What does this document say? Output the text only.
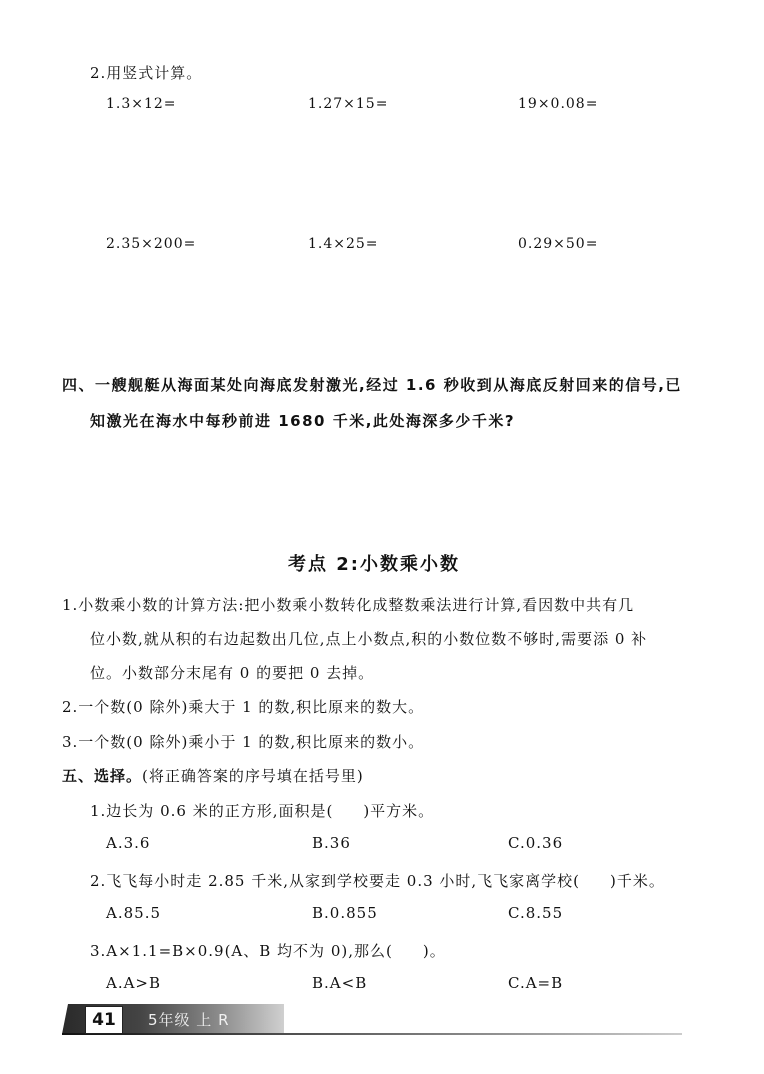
2.用竖式计算。
1.3×12=	1.27×15=	19×0.08=
2.35×200=	1.4×25=	0.29×50=
四、一艘舰艇从海面某处向海底发射激光,经过 1.6 秒收到从海底反射回来的信号,已
知激光在海水中每秒前进 1680 千米,此处海深多少千米?
考点 2:小数乘小数
1.小数乘小数的计算方法:把小数乘小数转化成整数乘法进行计算,看因数中共有几
位小数,就从积的右边起数出几位,点上小数点,积的小数位数不够时,需要添 0 补
位。小数部分末尾有 0 的要把 0 去掉。
2.一个数(0 除外)乘大于 1 的数,积比原来的数大。
3.一个数(0 除外)乘小于 1 的数,积比原来的数小。
五、选择。(将正确答案的序号填在括号里)
1.边长为 0.6 米的正方形,面积是( )平方米。
A.3.6	B.36	C.0.36
2.飞飞每小时走 2.85 千米,从家到学校要走 0.3 小时,飞飞家离学校( )千米。
A.85.5	B.0.855	C.8.55
3.A×1.1=B×0.9(A、B 均不为 0),那么( )。
A.A>B	B.A<B	C.A=B
41	5年级 上 R
